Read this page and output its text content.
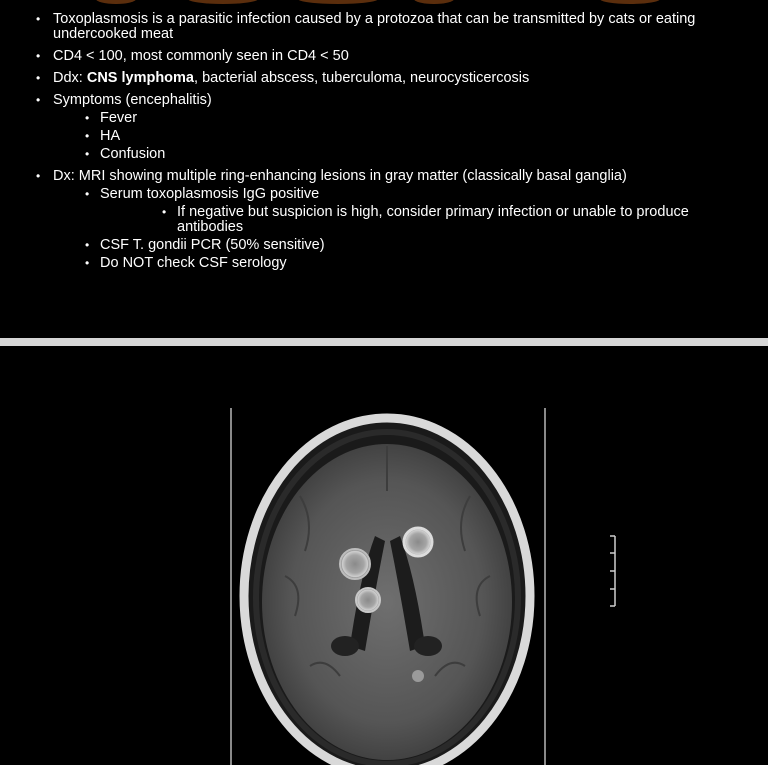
• Toxoplasmosis is a parasitic infection caused by a protozoa that can be transmitted by cats or eating undercooked meat
• CD4 < 100, most commonly seen in CD4 < 50
• Ddx: CNS lymphoma, bacterial abscess, tuberculoma, neurocysticercosis
• Symptoms (encephalitis)
• Fever
• HA
• Confusion
• Dx: MRI showing multiple ring-enhancing lesions in gray matter (classically basal ganglia)
• Serum toxoplasmosis IgG positive
• If negative but suspicion is high, consider primary infection or unable to produce antibodies
• CSF T. gondii PCR (50% sensitive)
• Do NOT check CSF serology
